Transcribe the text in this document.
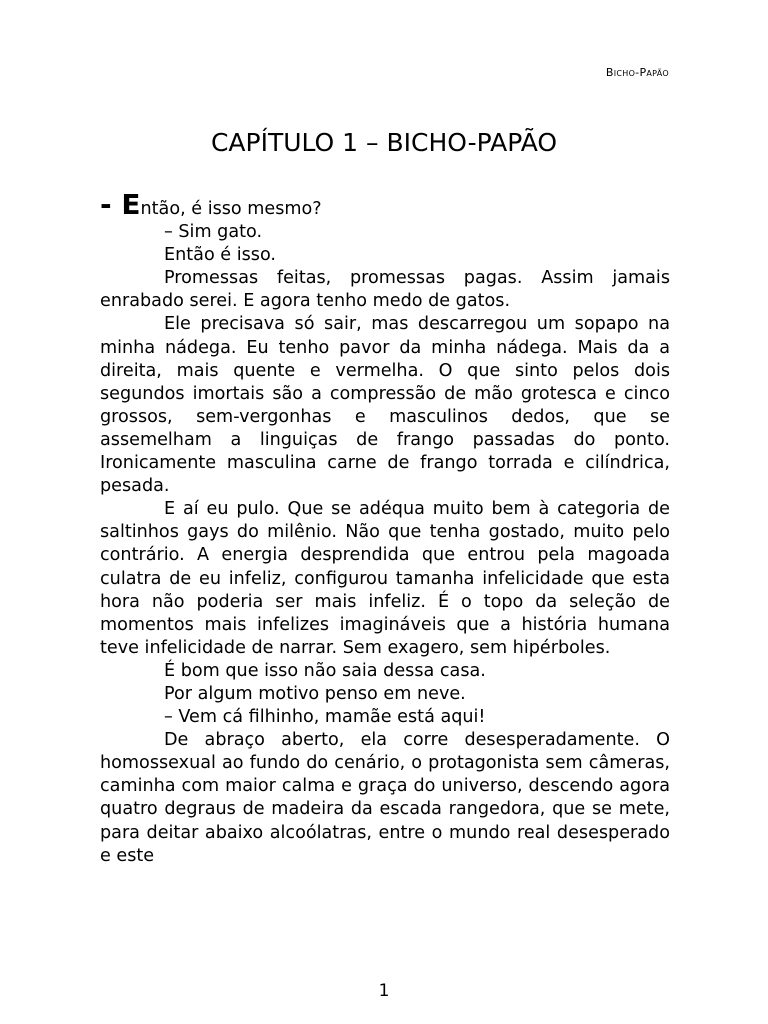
Bicho-Papão
CAPÍTULO 1 – BICHO-PAPÃO

- Então, é isso mesmo?

– Sim gato.

Então é isso.

Promessas feitas, promessas pagas. Assim jamais enrabado serei. E agora tenho medo de gatos.

Ele precisava só sair, mas descarregou um sopapo na minha nádega. Eu tenho pavor da minha nádega. Mais da a direita, mais quente e vermelha. O que sinto pelos dois segundos imortais são a compressão de mão grotesca e cinco grossos, sem-vergonhas e masculinos dedos, que se assemelham a linguiças de frango passadas do ponto. Ironicamente masculina carne de frango torrada e cilíndrica, pesada.

E aí eu pulo. Que se adéqua muito bem à categoria de saltinhos gays do milênio. Não que tenha gostado, muito pelo contrário. A energia desprendida que entrou pela magoada culatra de eu infeliz, configurou tamanha infelicidade que esta hora não poderia ser mais infeliz. É o topo da seleção de momentos mais infelizes imagináveis que a história humana teve infelicidade de narrar. Sem exagero, sem hipérboles.

É bom que isso não saia dessa casa.

Por algum motivo penso em neve.

– Vem cá filhinho, mamãe está aqui!

De abraço aberto, ela corre desesperadamente. O homossexual ao fundo do cenário, o protagonista sem câmeras, caminha com maior calma e graça do universo, descendo agora quatro degraus de madeira da escada rangedora, que se mete, para deitar abaixo alcoólatras, entre o mundo real desesperado e este

1
